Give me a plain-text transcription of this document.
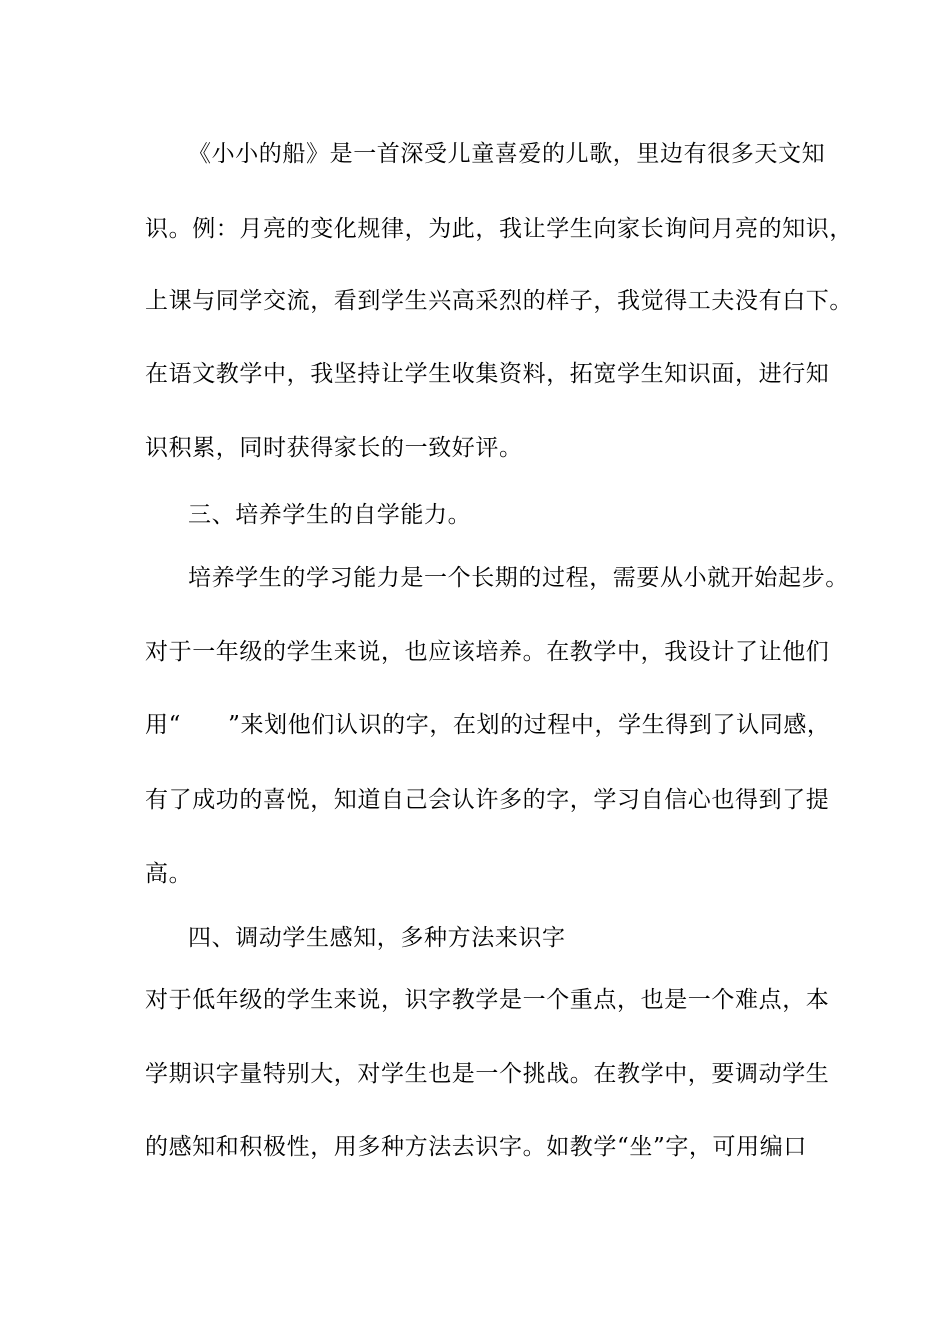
《小小的船》是一首深受儿童喜爱的儿歌，里边有很多天文知
识。例：月亮的变化规律，为此，我让学生向家长询问月亮的知识，
上课与同学交流，看到学生兴高采烈的样子，我觉得工夫没有白下。
在语文教学中，我坚持让学生收集资料，拓宽学生知识面，进行知
识积累，同时获得家长的一致好评。
三、培养学生的自学能力。
培养学生的学习能力是一个长期的过程，需要从小就开始起步。
对于一年级的学生来说，也应该培养。在教学中，我设计了让他们
用“　　”来划他们认识的字，在划的过程中，学生得到了认同感，
有了成功的喜悦，知道自己会认许多的字，学习自信心也得到了提
高。
四、调动学生感知，多种方法来识字
对于低年级的学生来说，识字教学是一个重点，也是一个难点，本
学期识字量特别大，对学生也是一个挑战。在教学中，要调动学生
的感知和积极性，用多种方法去识字。如教学“坐”字，可用编口
